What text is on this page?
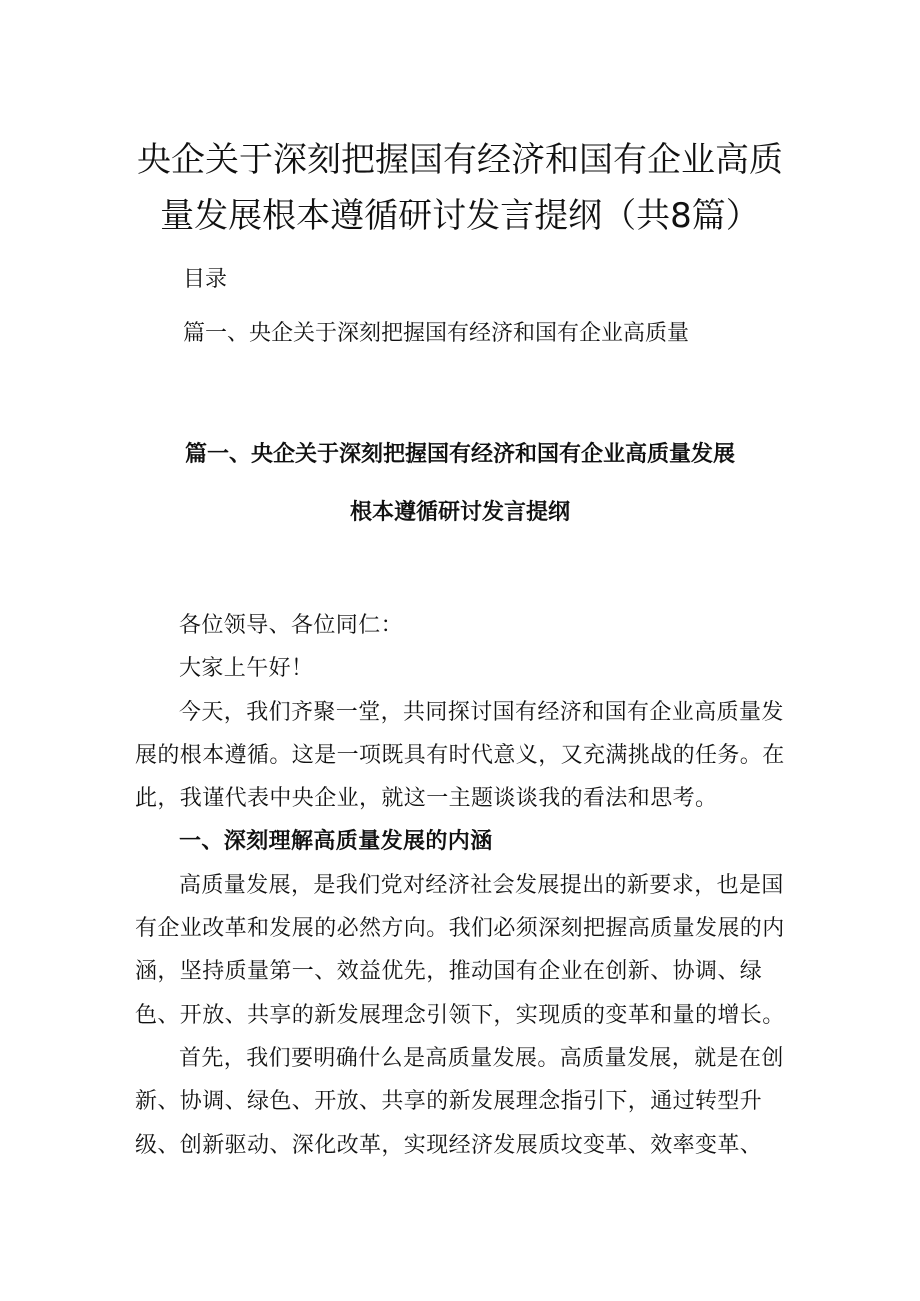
央企关于深刻把握国有经济和国有企业高质量发展根本遵循研讨发言提纲（共8篇）

目录

篇一、央企关于深刻把握国有经济和国有企业高质量

篇一、央企关于深刻把握国有经济和国有企业高质量发展
根本遵循研讨发言提纲

各位领导、各位同仁：

大家上午好！

今天，我们齐聚一堂，共同探讨国有经济和国有企业高质量发展的根本遵循。这是一项既具有时代意义，又充满挑战的任务。在此，我谨代表中央企业，就这一主题谈谈我的看法和思考。

一、深刻理解高质量发展的内涵

高质量发展，是我们党对经济社会发展提出的新要求，也是国有企业改革和发展的必然方向。我们必须深刻把握高质量发展的内涵，坚持质量第一、效益优先，推动国有企业在创新、协调、绿色、开放、共享的新发展理念引领下，实现质的变革和量的增长。

首先，我们要明确什么是高质量发展。高质量发展，就是在创新、协调、绿色、开放、共享的新发展理念指引下，通过转型升级、创新驱动、深化改革，实现经济发展质坟变革、效率变革、
